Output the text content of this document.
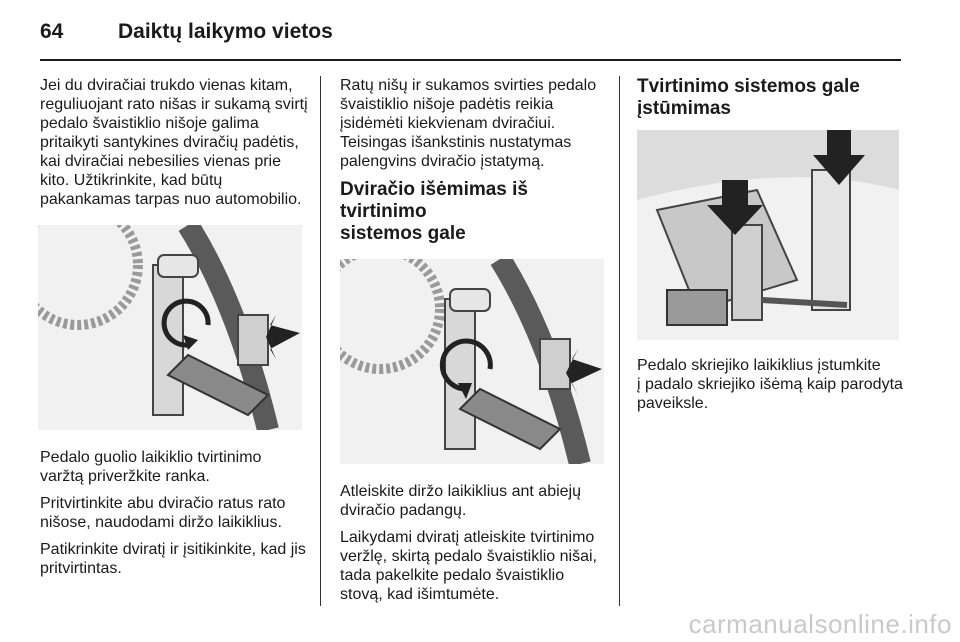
64	Daiktų laikymo vietos

Jei du dviračiai trukdo vienas kitam,
reguliuojant rato nišas ir sukamą svirtį
pedalo švaistiklio nišoje galima
pritaikyti santykines dviračių padėtis,
kai dviračiai nebesilies vienas prie
kito. Užtikrinkite, kad būtų
pakankamas tarpas nuo automobilio.

Pedalo guolio laikiklio tvirtinimo
varžtą priveržkite ranka.

Pritvirtinkite abu dviračio ratus rato
nišose, naudodami diržo laikiklius.

Patikrinkite dviratį ir įsitikinkite, kad jis
pritvirtintas.

Ratų nišų ir sukamos svirties pedalo
švaistiklio nišoje padėtis reikia
įsidėmėti kiekvienam dviračiui.
Teisingas išankstinis nustatymas
palengvins dviračio įstatymą.

Dviračio išėmimas iš tvirtinimo
sistemos gale

Atleiskite diržo laikiklius ant abiejų
dviračio padangų.

Laikydami dviratį atleiskite tvirtinimo
veržlę, skirtą pedalo švaistiklio nišai,
tada pakelkite pedalo švaistiklio
stovą, kad išimtumėte.

Tvirtinimo sistemos gale
įstūmimas

Pedalo skriejiko laikiklius įstumkite
į padalo skriejiko išėmą kaip parodyta
paveiksle.

carmanualsonline.info
